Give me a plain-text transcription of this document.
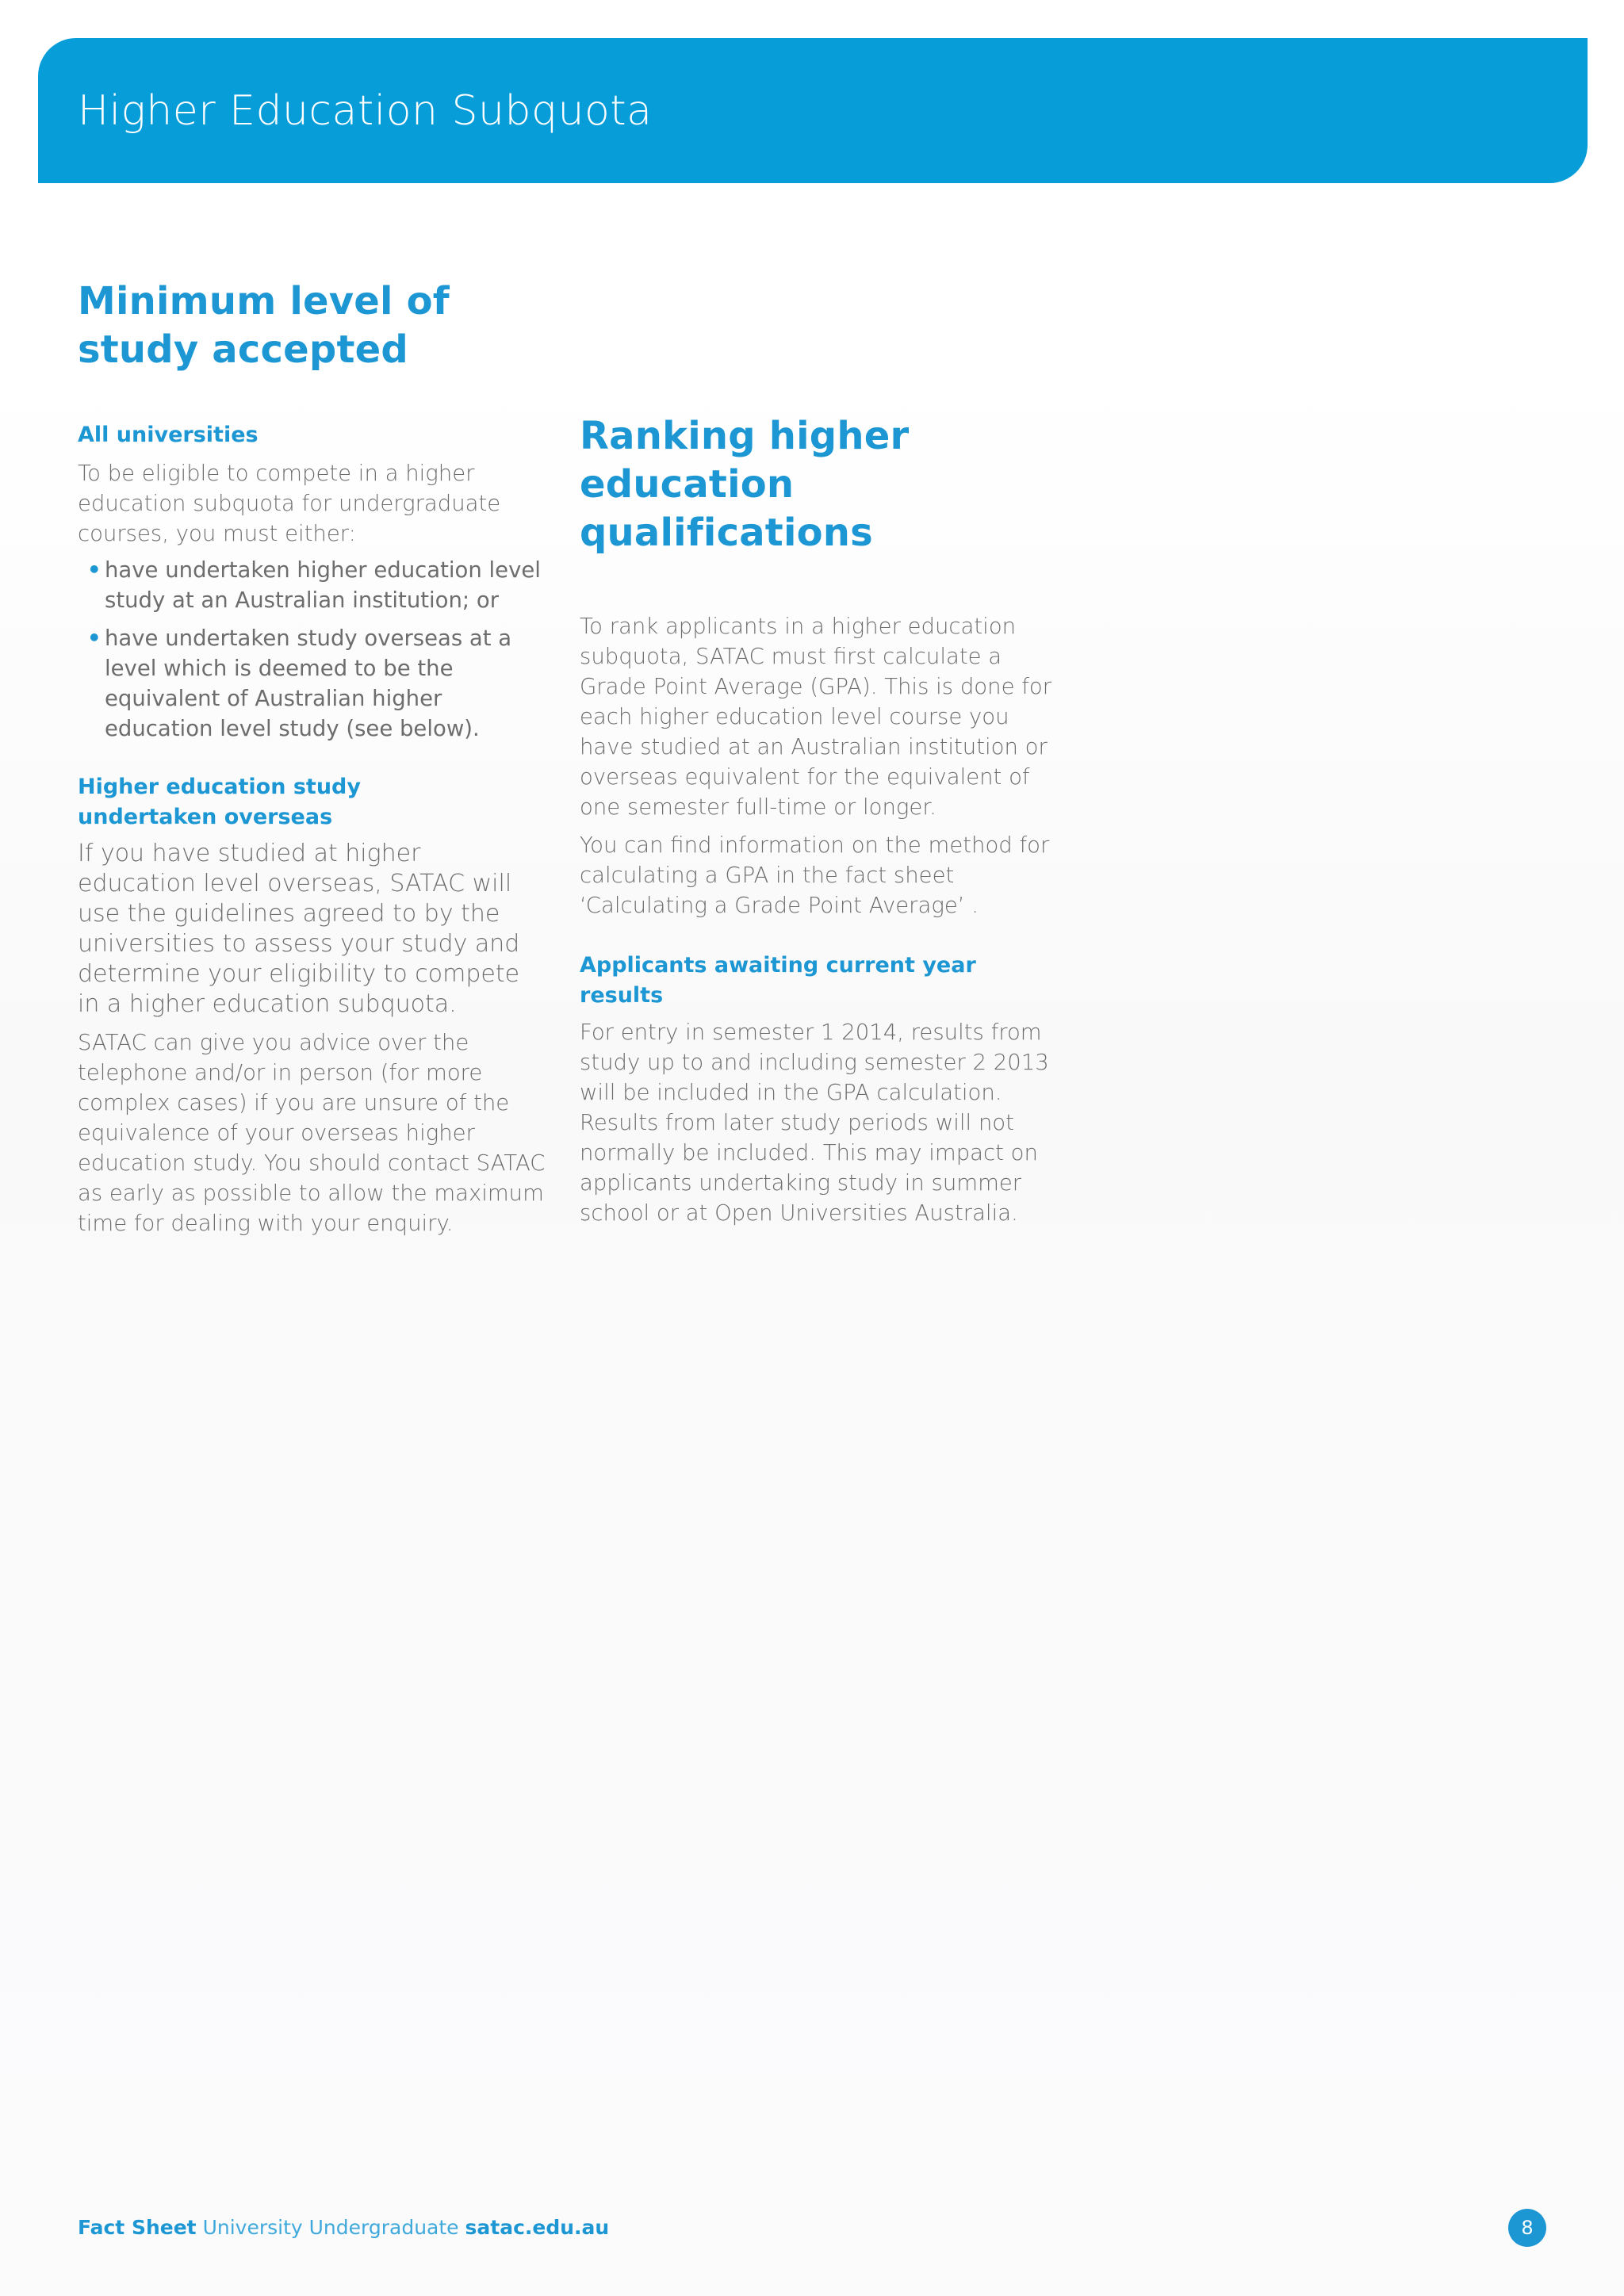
Higher Education Subquota
Minimum level of
study accepted
All universities

To be eligible to compete in a higher education subquota for undergraduate courses, you must either:

• have undertaken higher education level study at an Australian institution; or
• have undertaken study overseas at a level which is deemed to be the equivalent of Australian higher education level study (see below).
Higher education study
undertaken overseas

If you have studied at higher education level overseas, SATAC will use the guidelines agreed to by the universities to assess your study and determine your eligibility to compete in a higher education subquota.

SATAC can give you advice over the telephone and/or in person (for more complex cases) if you are unsure of the equivalence of your overseas higher education study. You should contact SATAC as early as possible to allow the maximum time for dealing with your enquiry.

Ranking higher
education qualifications

To rank applicants in a higher education subquota, SATAC must first calculate a Grade Point Average (GPA). This is done for each higher education level course you have studied at an Australian institution or overseas equivalent for the equivalent of one semester full-time or longer.

You can find information on the method for calculating a GPA in the fact sheet ‘Calculating a Grade Point Average’ .

Applicants awaiting current year results

For entry in semester 1 2014, results from study up to and including semester 2 2013 will be included in the GPA calculation. Results from later study periods will not normally be included. This may impact on applicants undertaking study in summer school or at Open Universities Australia.

Fact Sheet University Undergraduate satac.edu.au	8
